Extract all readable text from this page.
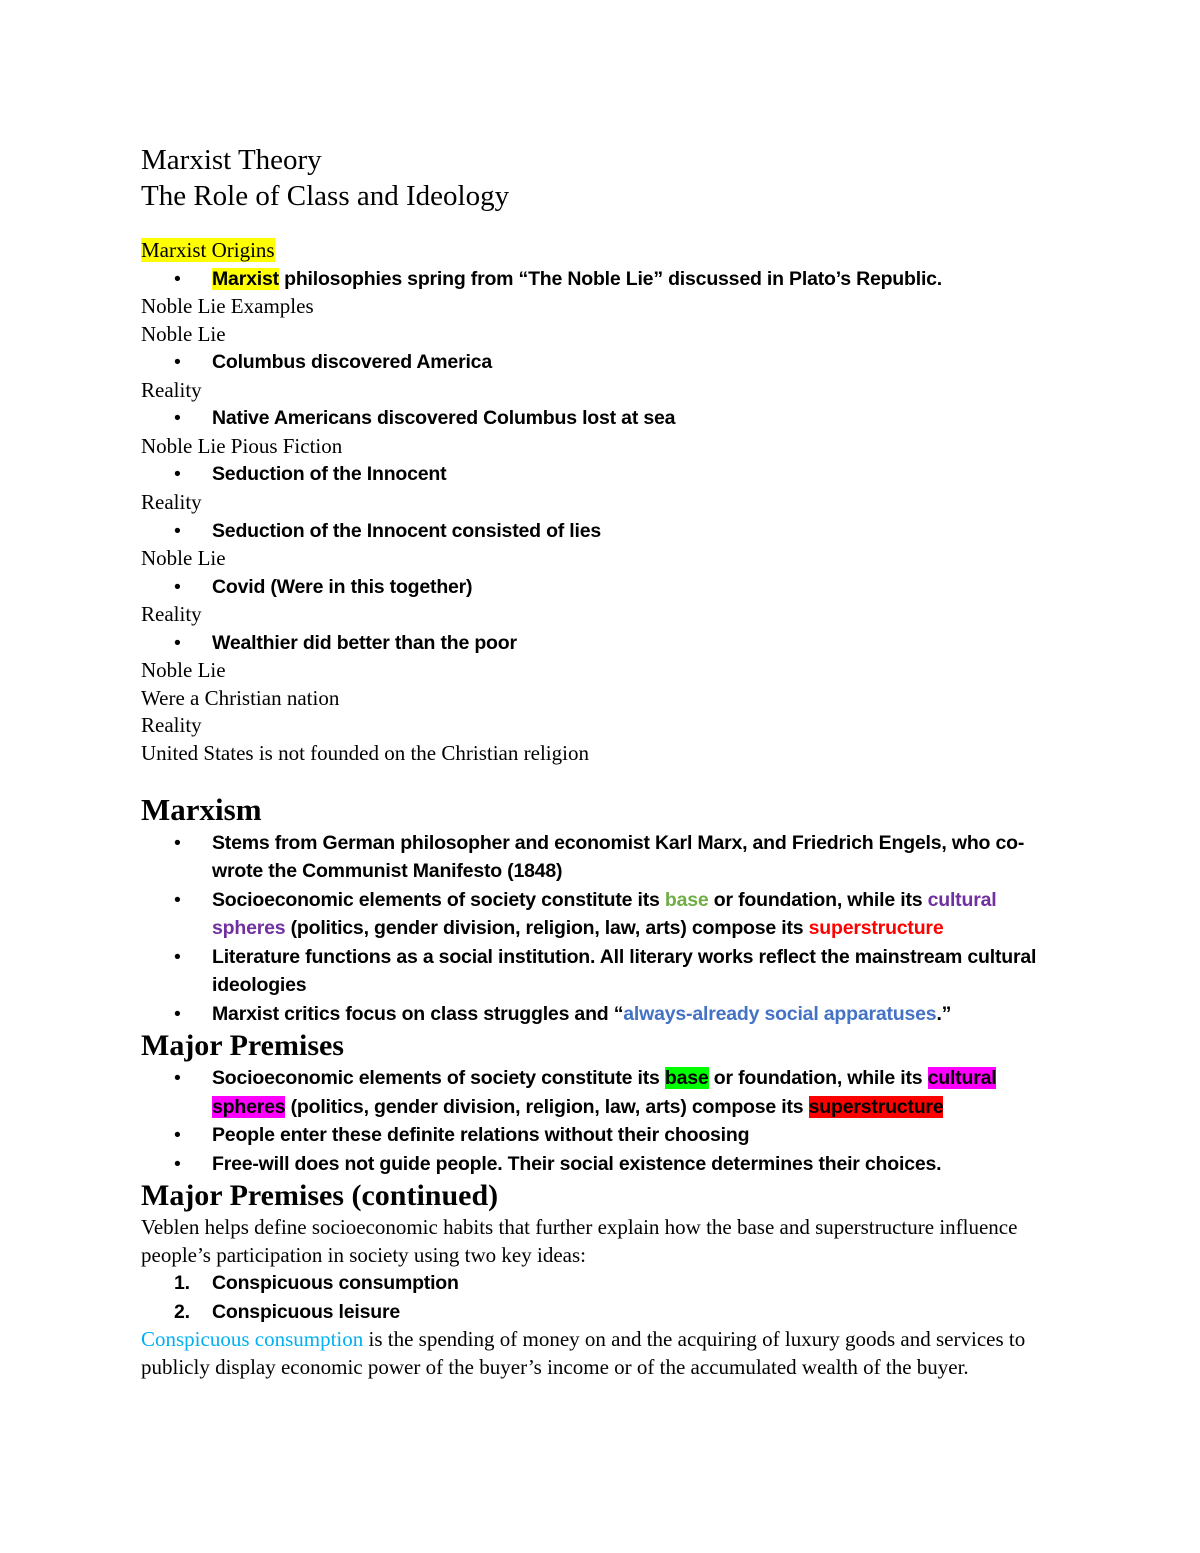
Marxist Theory
The Role of Class and Ideology

Marxist Origins

• Marxist philosophies spring from “The Noble Lie” discussed in Plato’s Republic.

Noble Lie Examples

Noble Lie

• Columbus discovered America

Reality

• Native Americans discovered Columbus lost at sea

Noble Lie Pious Fiction

• Seduction of the Innocent

Reality

• Seduction of the Innocent consisted of lies

Noble Lie

• Covid (Were in this together)

Reality

• Wealthier did better than the poor

Noble Lie

Were a Christian nation

Reality

United States is not founded on the Christian religion

Marxism
• Stems from German philosopher and economist Karl Marx, and Friedrich Engels, who co-wrote the Communist Manifesto (1848)
• Socioeconomic elements of society constitute its base or foundation, while its cultural spheres (politics, gender division, religion, law, arts) compose its superstructure
• Literature functions as a social institution. All literary works reflect the mainstream cultural ideologies
• Marxist critics focus on class struggles and “always-already social apparatuses.”
Major Premises
• Socioeconomic elements of society constitute its base or foundation, while its cultural spheres (politics, gender division, religion, law, arts) compose its superstructure
• People enter these definite relations without their choosing
• Free-will does not guide people. Their social existence determines their choices.
Major Premises (continued)

Veblen helps define socioeconomic habits that further explain how the base and superstructure influence people’s participation in society using two key ideas:

1. Conspicuous consumption
2. Conspicuous leisure

Conspicuous consumption is the spending of money on and the acquiring of luxury goods and services to publicly display economic power of the buyer’s income or of the accumulated wealth of the buyer.
